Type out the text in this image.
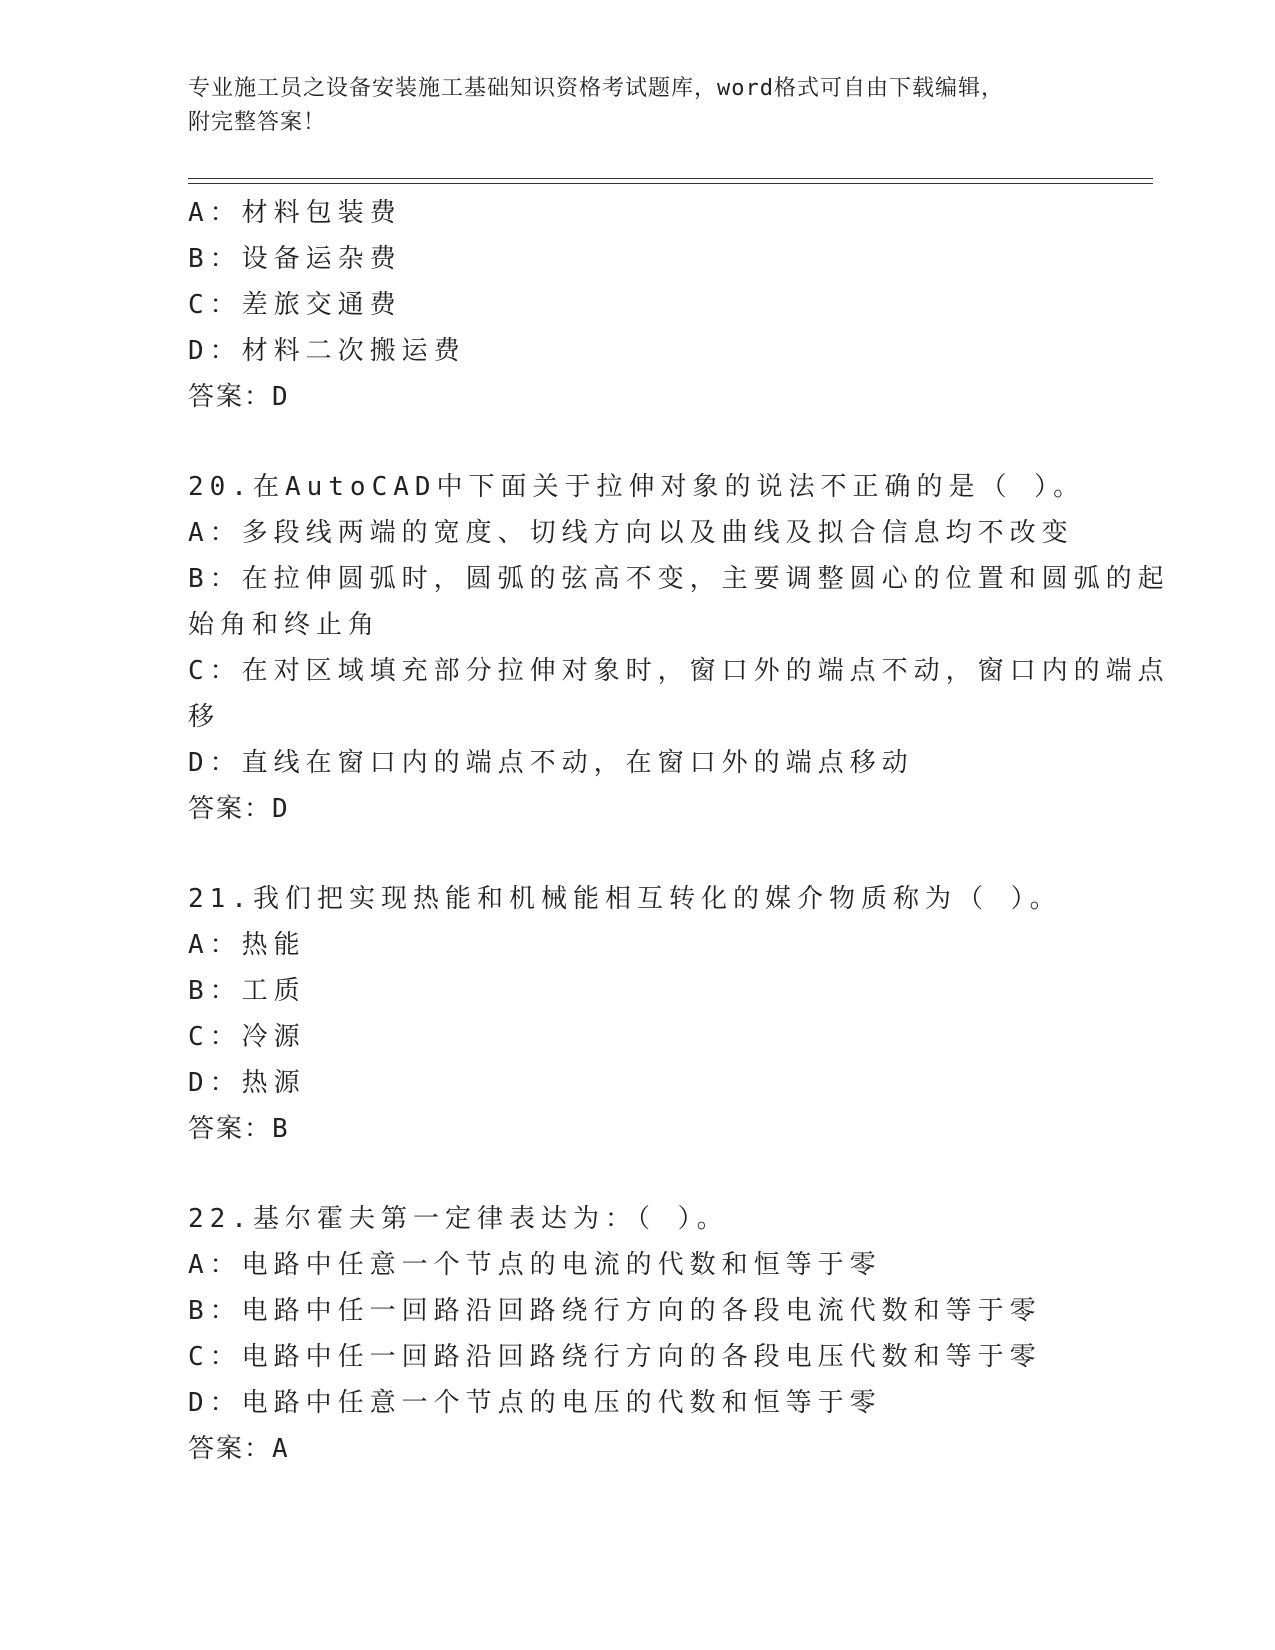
专业施工员之设备安装施工基础知识资格考试题库，word格式可自由下载编辑，
附完整答案！
A：材料包装费
B：设备运杂费
C：差旅交通费
D：材料二次搬运费
答案：D
20.在AutoCAD中下面关于拉伸对象的说法不正确的是（ ）。
A：多段线两端的宽度、切线方向以及曲线及拟合信息均不改变
B：在拉伸圆弧时，圆弧的弦高不变，主要调整圆心的位置和圆弧的起
始角和终止角
C：在对区域填充部分拉伸对象时，窗口外的端点不动，窗口内的端点
移
D：直线在窗口内的端点不动，在窗口外的端点移动
答案：D
21.我们把实现热能和机械能相互转化的媒介物质称为（ ）。
A：热能
B：工质
C：冷源
D：热源
答案：B
22.基尔霍夫第一定律表达为：（ ）。
A：电路中任意一个节点的电流的代数和恒等于零
B：电路中任一回路沿回路绕行方向的各段电流代数和等于零
C：电路中任一回路沿回路绕行方向的各段电压代数和等于零
D：电路中任意一个节点的电压的代数和恒等于零
答案：A
